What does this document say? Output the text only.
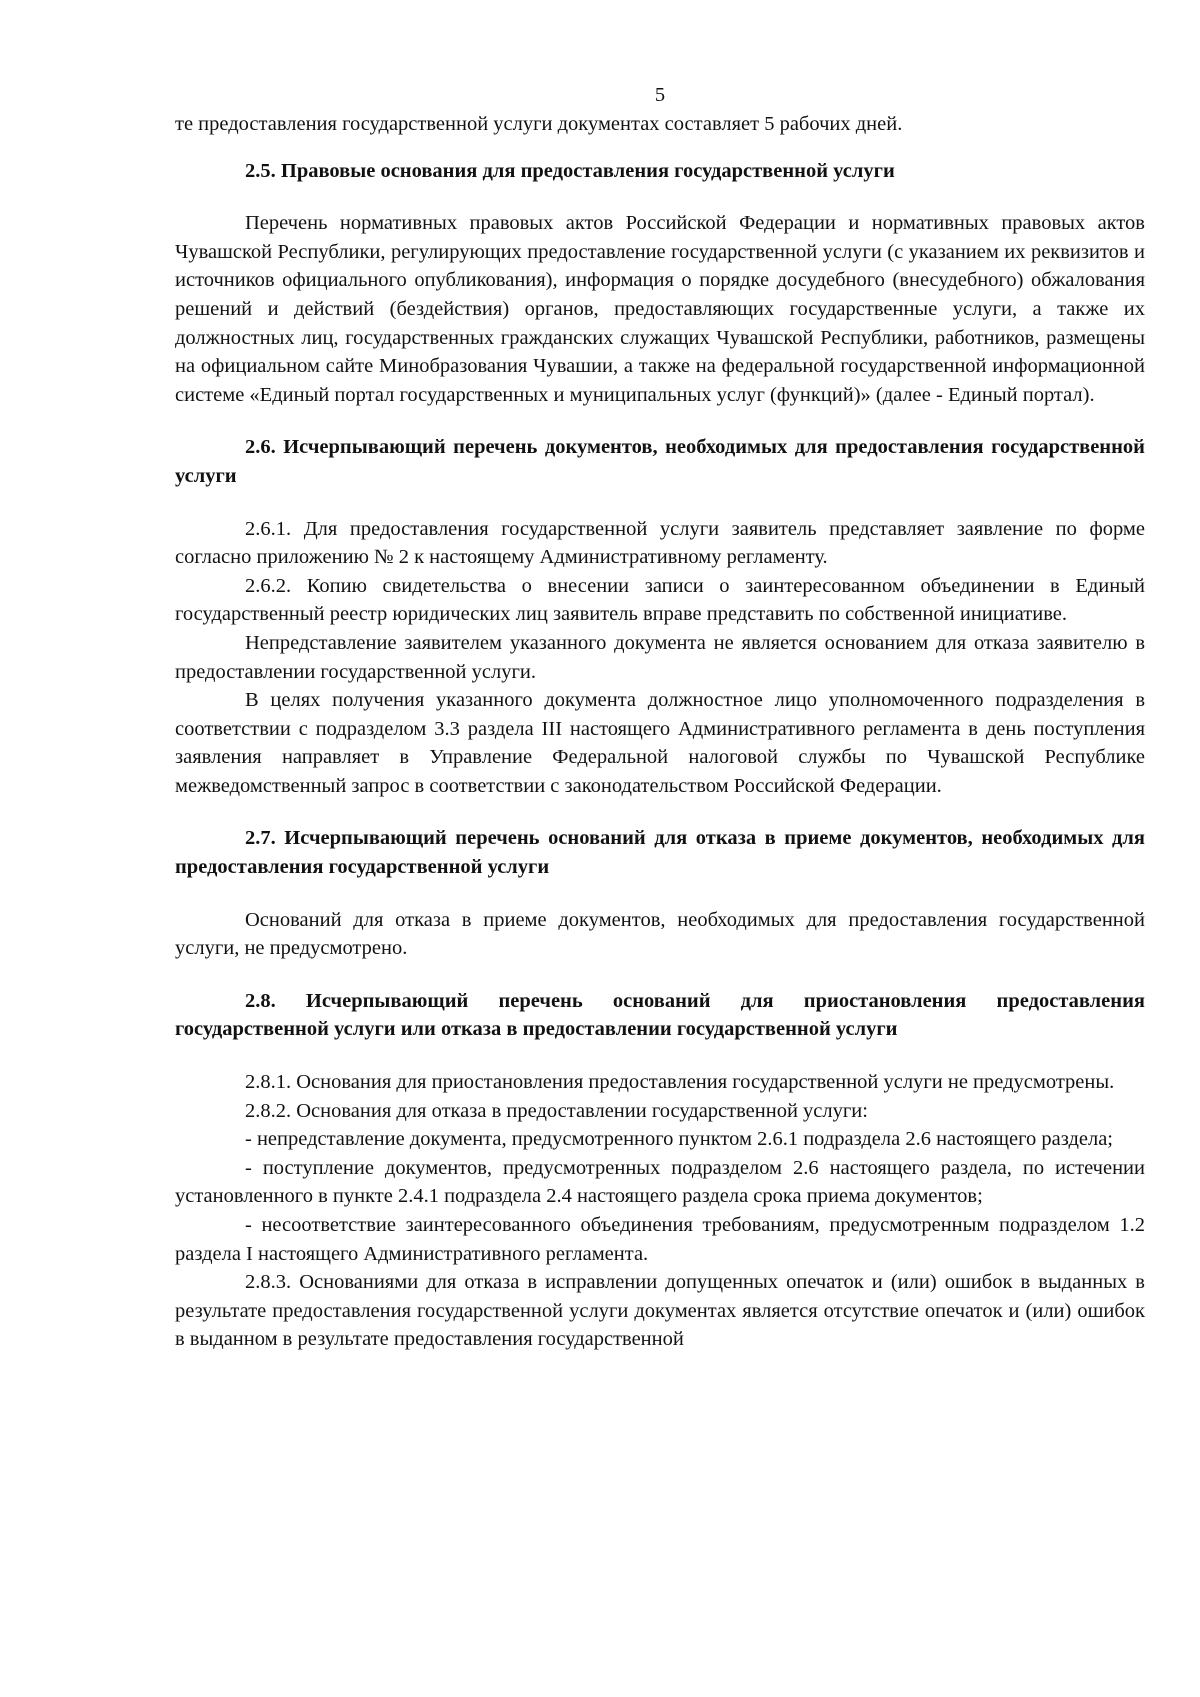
5

те предоставления государственной услуги документах составляет 5 рабочих дней.

2.5. Правовые основания для предоставления государственной услуги

Перечень нормативных правовых актов Российской Федерации и нормативных правовых актов Чувашской Республики, регулирующих предоставление государственной услуги (с указанием их реквизитов и источников официального опубликования), информация о порядке досудебного (внесудебного) обжалования решений и действий (бездействия) органов, предоставляющих государственные услуги, а также их должностных лиц, государственных гражданских служащих Чувашской Республики, работников, размещены на официальном сайте Минобразования Чувашии, а также на федеральной государственной информационной системе «Единый портал государственных и муниципальных услуг (функций)» (далее - Единый портал).

2.6. Исчерпывающий перечень документов, необходимых для предоставления государственной услуги

2.6.1. Для предоставления государственной услуги заявитель представляет заявление по форме согласно приложению № 2 к настоящему Административному регламенту.

2.6.2. Копию свидетельства о внесении записи о заинтересованном объединении в Единый государственный реестр юридических лиц заявитель вправе представить по собственной инициативе.

Непредставление заявителем указанного документа не является основанием для отказа заявителю в предоставлении государственной услуги.

В целях получения указанного документа должностное лицо уполномоченного подразделения в соответствии с подразделом 3.3 раздела III настоящего Административного регламента в день поступления заявления направляет в Управление Федеральной налоговой службы по Чувашской Республике межведомственный запрос в соответствии с законодательством Российской Федерации.

2.7. Исчерпывающий перечень оснований для отказа в приеме документов, необходимых для предоставления государственной услуги

Оснований для отказа в приеме документов, необходимых для предоставления государственной услуги, не предусмотрено.

2.8. Исчерпывающий перечень оснований для приостановления предоставления государственной услуги или отказа в предоставлении государственной услуги

2.8.1. Основания для приостановления предоставления государственной услуги не предусмотрены.

2.8.2. Основания для отказа в предоставлении государственной услуги:

- непредставление документа, предусмотренного пунктом 2.6.1 подраздела 2.6 настоящего раздела;

- поступление документов, предусмотренных подразделом 2.6 настоящего раздела, по истечении установленного в пункте 2.4.1 подраздела 2.4 настоящего раздела срока приема документов;

- несоответствие заинтересованного объединения требованиям, предусмотренным подразделом 1.2 раздела I настоящего Административного регламента.

2.8.3. Основаниями для отказа в исправлении допущенных опечаток и (или) ошибок в выданных в результате предоставления государственной услуги документах является отсутствие опечаток и (или) ошибок в выданном в результате предоставления государственной
